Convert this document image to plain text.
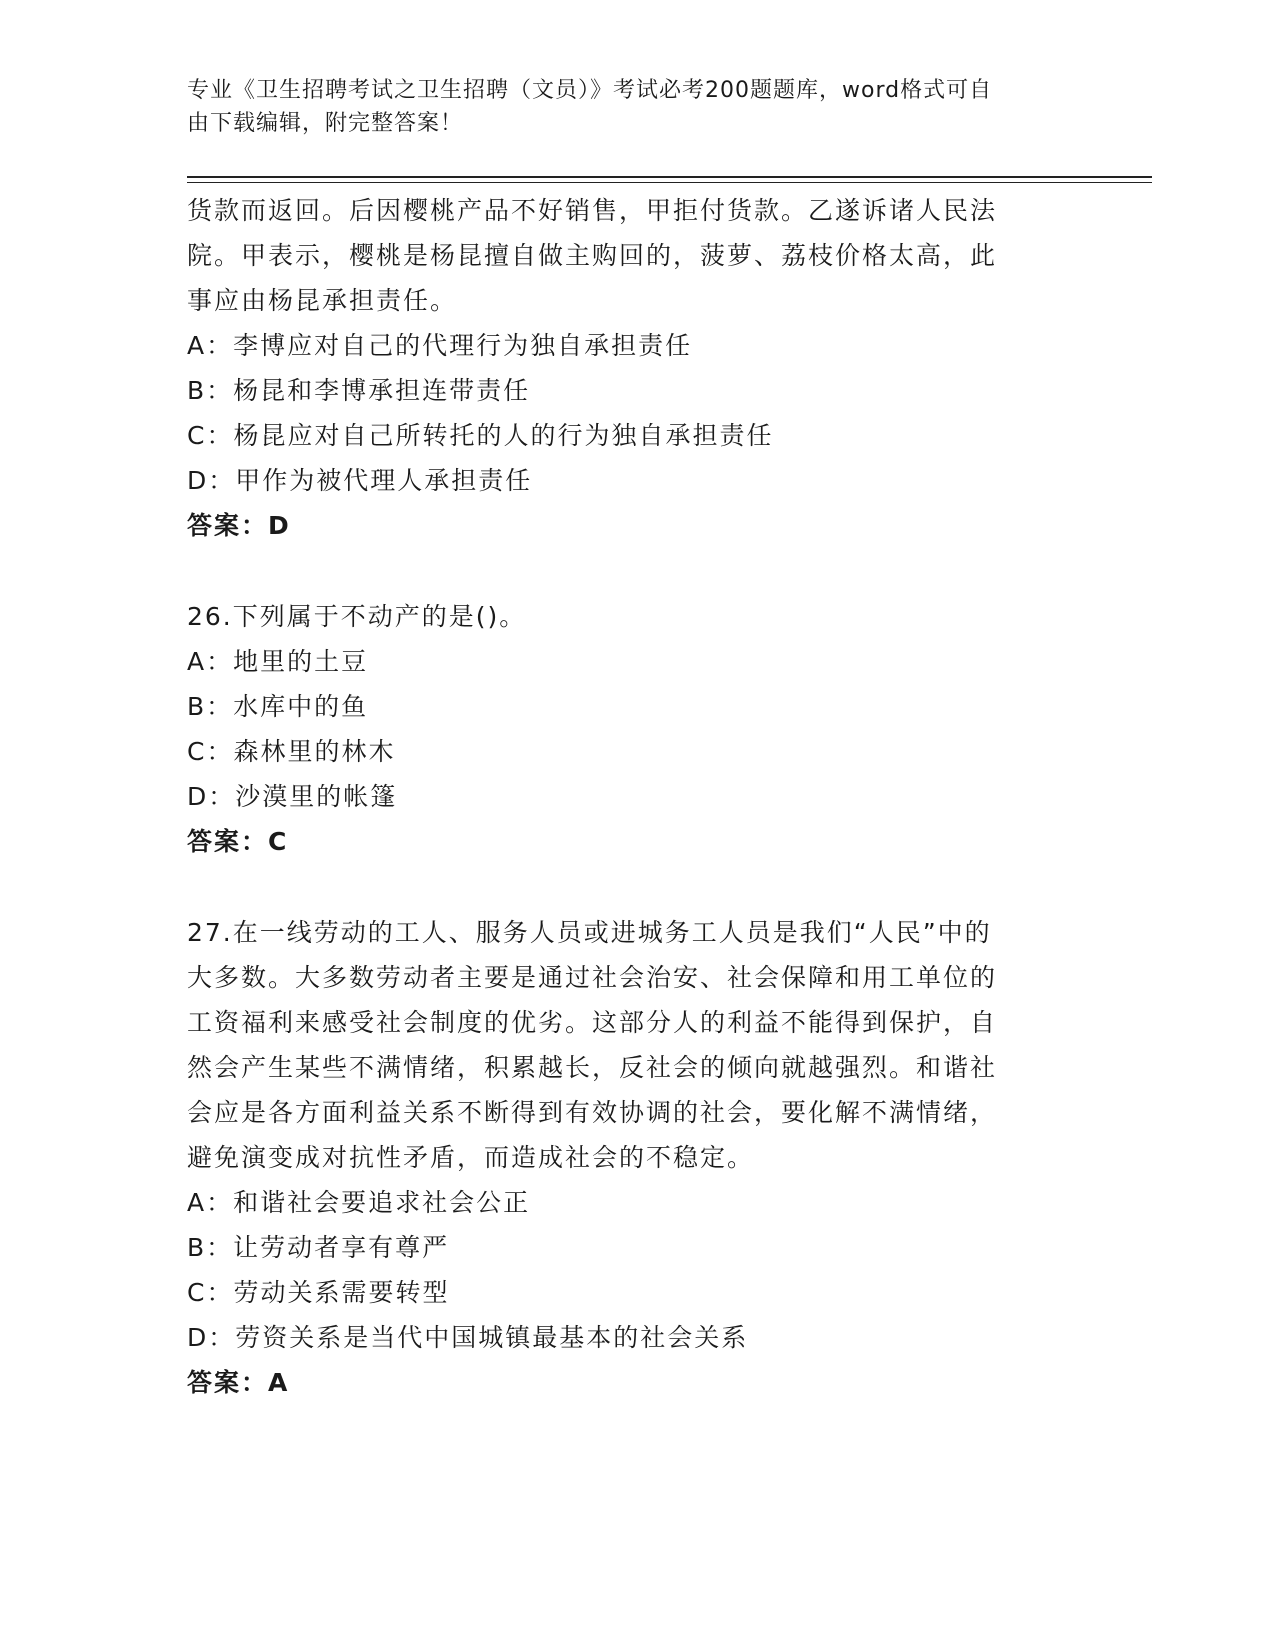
专业《卫生招聘考试之卫生招聘（文员）》考试必考200题题库，word格式可自
由下载编辑，附完整答案！
货款而返回。后因樱桃产品不好销售，甲拒付货款。乙遂诉诸人民法
院。甲表示，樱桃是杨昆擅自做主购回的，菠萝、荔枝价格太高，此
事应由杨昆承担责任。
A：李博应对自己的代理行为独自承担责任
B：杨昆和李博承担连带责任
C：杨昆应对自己所转托的人的行为独自承担责任
D：甲作为被代理人承担责任
答案：D
26.下列属于不动产的是()。
A：地里的土豆
B：水库中的鱼
C：森林里的林木
D：沙漠里的帐篷
答案：C
27.在一线劳动的工人、服务人员或进城务工人员是我们“人民”中的
大多数。大多数劳动者主要是通过社会治安、社会保障和用工单位的
工资福利来感受社会制度的优劣。这部分人的利益不能得到保护，自
然会产生某些不满情绪，积累越长，反社会的倾向就越强烈。和谐社
会应是各方面利益关系不断得到有效协调的社会，要化解不满情绪，
避免演变成对抗性矛盾，而造成社会的不稳定。
A：和谐社会要追求社会公正
B：让劳动者享有尊严
C：劳动关系需要转型
D：劳资关系是当代中国城镇最基本的社会关系
答案：A
